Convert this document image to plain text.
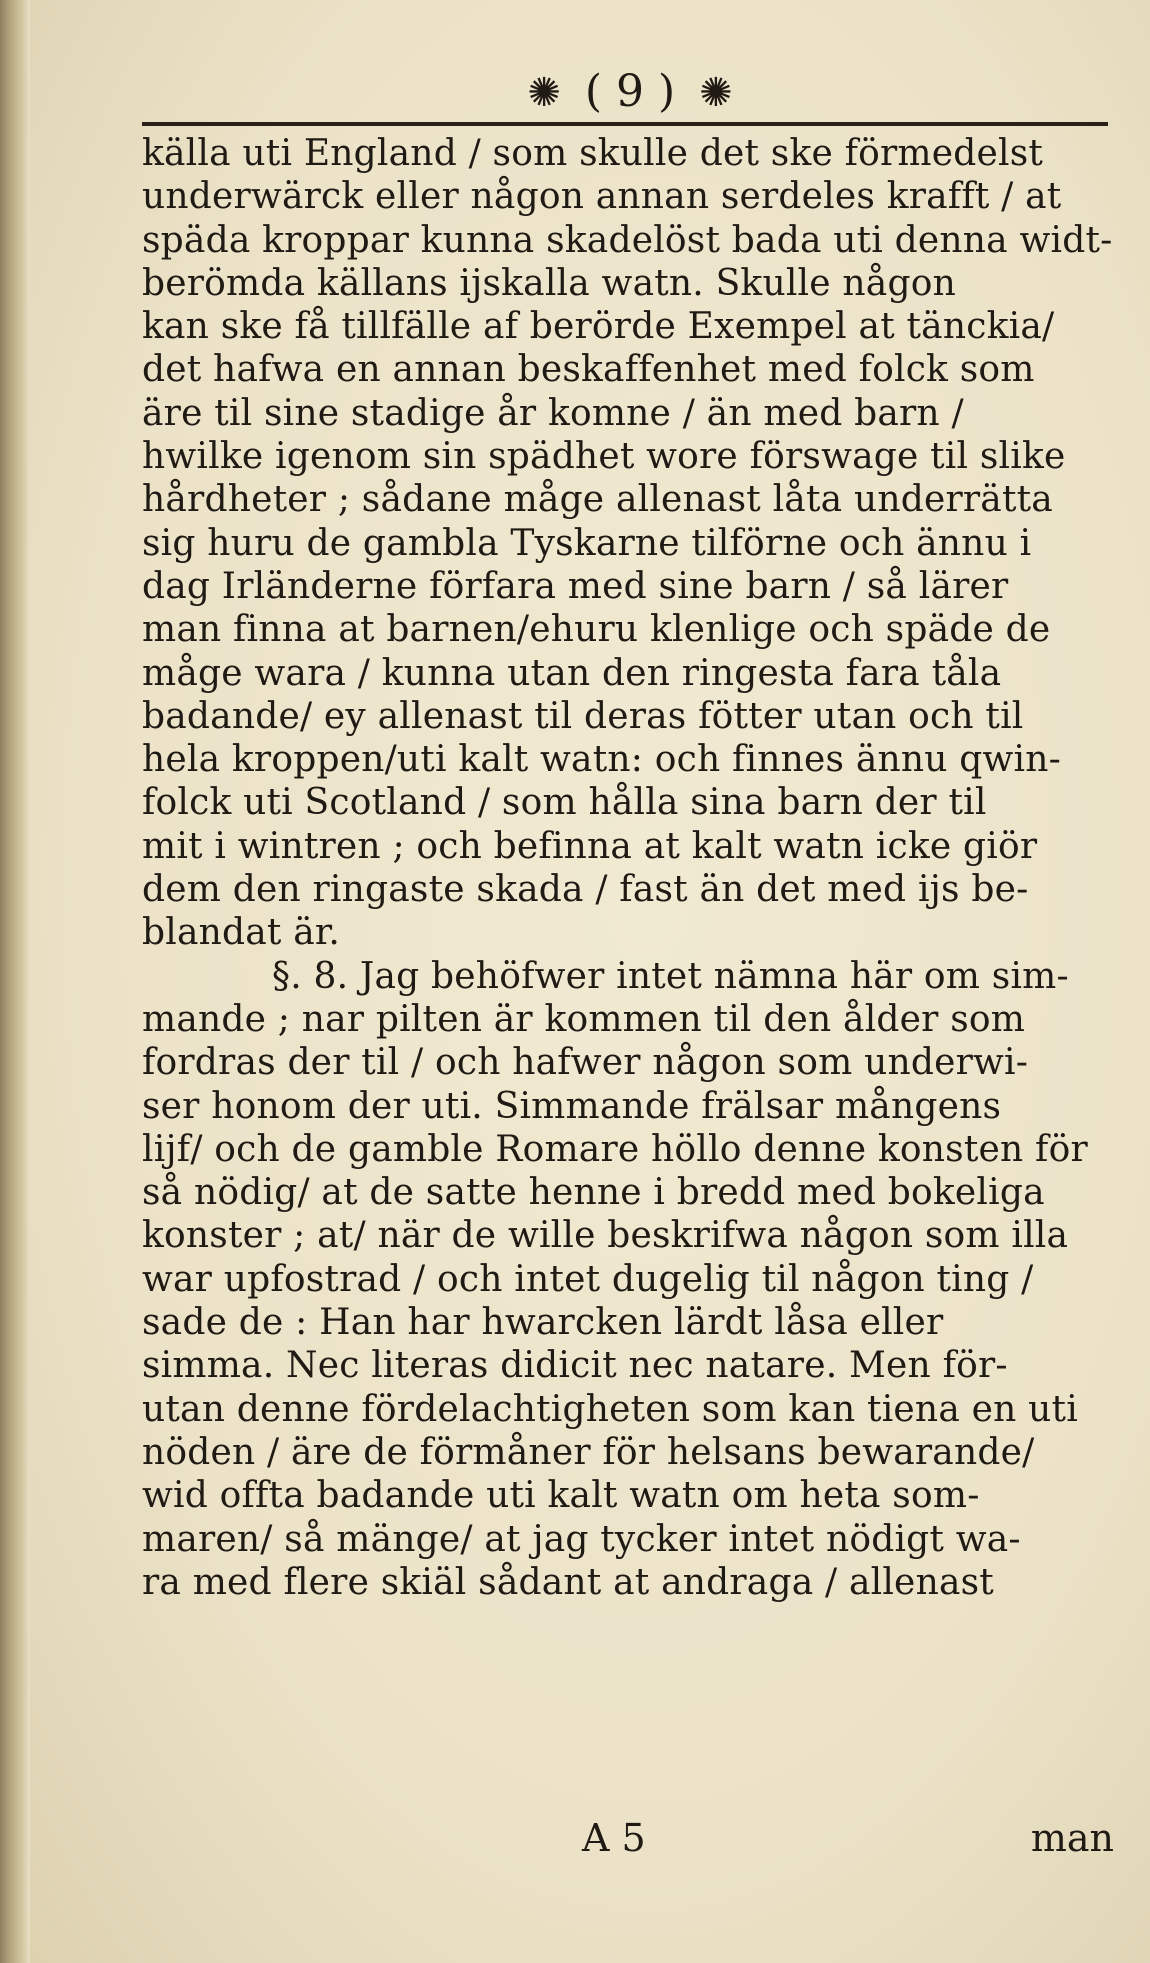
✺ ( 9 ) ✺
källa uti England / som skulle det ske förmedelst
underwärck eller någon annan serdeles krafft / at
späda kroppar kunna skadelöst bada uti denna widt-
berömda källans ijskalla watn. Skulle någon
kan ske få tillfälle af berörde Exempel at tänckia/
det hafwa en annan beskaffenhet med folck som
äre til sine stadige år komne / än med barn /
hwilke igenom sin spädhet wore förswage til slike
hårdheter ; sådane måge allenast låta underrätta
sig huru de gambla Tyskarne tilförne och ännu i
dag Irländerne förfara med sine barn / så lärer
man finna at barnen/ehuru klenlige och späde de
måge wara / kunna utan den ringesta fara tåla
badande/ ey allenast til deras fötter utan och til
hela kroppen/uti kalt watn: och finnes ännu qwin-
folck uti Scotland / som hålla sina barn der til
mit i wintren ; och befinna at kalt watn icke giör
dem den ringaste skada / fast än det med ijs be-
blandat är.
§. 8. Jag behöfwer intet nämna här om sim-
mande ; nar pilten är kommen til den ålder som
fordras der til / och hafwer någon som underwi-
ser honom der uti. Simmande frälsar mångens
lijf/ och de gamble Romare höllo denne konsten för
så nödig/ at de satte henne i bredd med bokeliga
konster ; at/ när de wille beskrifwa någon som illa
war upfostrad / och intet dugelig til någon ting /
sade de : Han har hwarcken lärdt låsa eller
simma. Nec literas didicit nec natare. Men för-
utan denne fördelachtigheten som kan tiena en uti
nöden / äre de förmåner för helsans bewarande/
wid offta badande uti kalt watn om heta som-
maren/ så mänge/ at jag tycker intet nödigt wa-
ra med flere skiäl sådant at andraga / allenast
A 5	man
